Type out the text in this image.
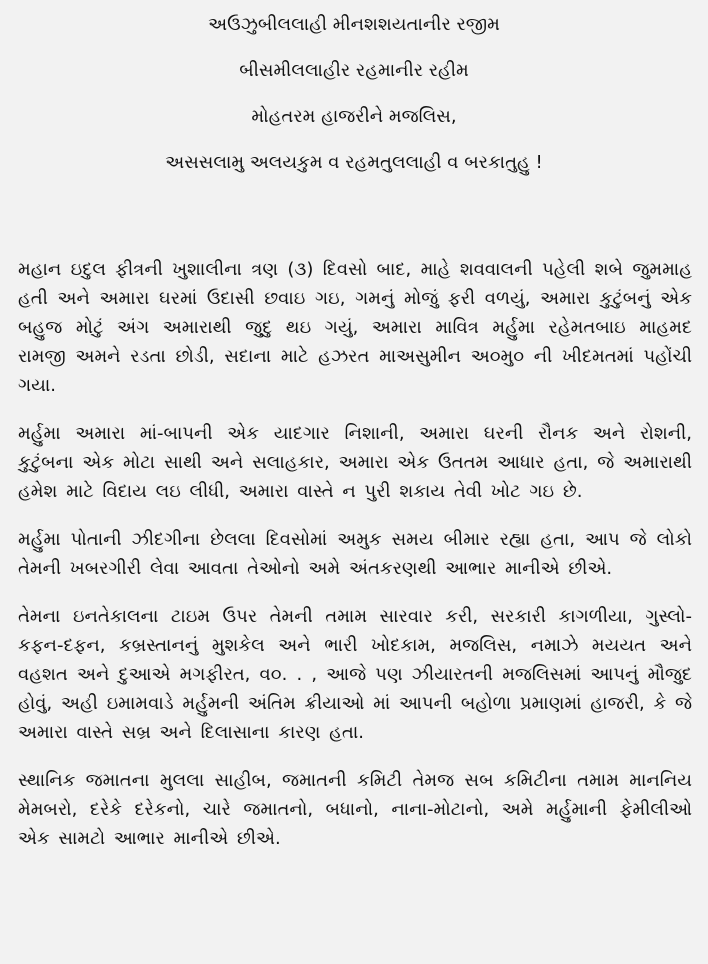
અઉઝુબીલલાહી મીનશશયતાનીર રજીમ
બીસમીલલાહીર રહમાનીર રહીમ
મોહતરમ હાજરીને મજલિસ,
અસસલામુ અલયકુમ વ રહમતુલલાહી વ બરકાતુહુ !

મહાન ઇદુલ ફીત્રની ખુશાલીના ત્રણ (૩) દિવસો બાદ, માહે શવવાલની પહેલી શબે જુમમાહ હતી અને અમારા ઘરમાં ઉદાસી છવાઇ ગઇ, ગમનું મોજું ફરી વળયું, અમારા કુટુંબનું એક બહુજ મોટું અંગ અમારાથી જુદુ થઇ ગયું, અમારા માવિત્ર મર્હુમા રહેમતબાઇ માહમદ રામજી અમને રડતા છોડી, સદાના માટે હઝરત માઅસુમીન અ૦મુ૦ ની ખીદમતમાં પહોંચી ગયા.

મર્હુમા અમારા માં-બાપની એક યાદગાર નિશાની, અમારા ઘરની રૌનક અને રોશની, કુટુંબના એક મોટા સાથી અને સલાહકાર, અમારા એક ઉતતમ આધાર હતા, જે અમારાથી હમેશ માટે વિદાય લઇ લીધી, અમારા વાસ્તે ન પુરી શકાય તેવી ખોટ ગઇ છે.

મર્હુમા પોતાની ઝીદગીના છેલલા દિવસોમાં અમુક સમય બીમાર રહ્યા હતા, આપ જે લોકો તેમની ખબરગીરી લેવા આવતા તેઓનો અમે અંતકરણથી આભાર માનીએ છીએ.

તેમના ઇનતેકાલના ટાઇમ ઉપર તેમની તમામ સારવાર કરી, સરકારી કાગળીયા, ગુસ્લો-કફન-દફન, કબ્રસ્તાનનું મુશકેલ અને ભારી ખોદકામ, મજલિસ, નમાઝે મયયત અને વહશત અને દુઆએ મગફીરત, વ૦. . , આજે પણ ઝીયારતની મજલિસમાં આપનું મૌજુદ હોવું, અહી ઇમામવાડે મર્હુમની અંતિમ ક્રીયાઓ માં આપની બહોળા પ્રમાણમાં હાજરી, કે જે અમારા વાસ્તે સબ્ર અને દિલાસાના કારણ હતા.

સ્થાનિક જમાતના મુલલા સાહીબ, જમાતની કમિટી તેમજ સબ કમિટીના તમામ માનનિય મેમબરો, દરેકે દરેકનો, ચારે જમાતનો, બધાનો, નાના-મોટાનો, અમે મર્હુમાની ફેમીલીઓ એક સામટો આભાર માનીએ છીએ.
